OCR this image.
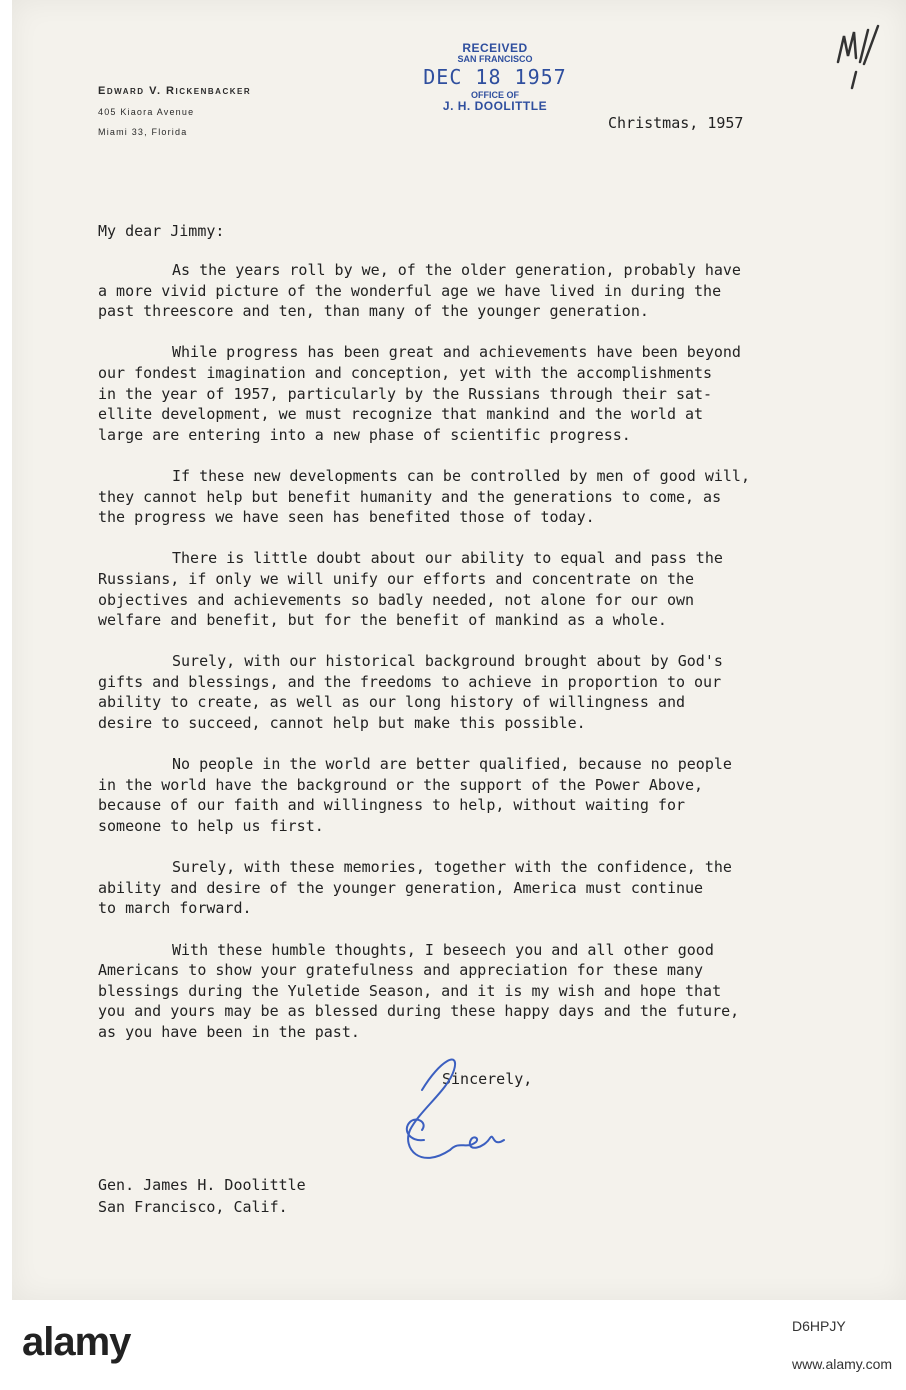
Edward V. Rickenbacker
405 Kiaora Avenue
Miami 33, Florida
RECEIVED
SAN FRANCISCO
DEC 18 1957
OFFICE OF
J. H. DOOLITTLE
Christmas, 1957
My dear Jimmy:

As the years roll by we, of the older generation, probably have
a more vivid picture of the wonderful age we have lived in during the
past threescore and ten, than many of the younger generation.

While progress has been great and achievements have been beyond
our fondest imagination and conception, yet with the accomplishments
in the year of 1957, particularly by the Russians through their sat-
ellite development, we must recognize that mankind and the world at
large are entering into a new phase of scientific progress.

If these new developments can be controlled by men of good will,
they cannot help but benefit humanity and the generations to come, as
the progress we have seen has benefited those of today.

There is little doubt about our ability to equal and pass the
Russians, if only we will unify our efforts and concentrate on the
objectives and achievements so badly needed, not alone for our own
welfare and benefit, but for the benefit of mankind as a whole.

Surely, with our historical background brought about by God's
gifts and blessings, and the freedoms to achieve in proportion to our
ability to create, as well as our long history of willingness and
desire to succeed, cannot help but make this possible.

No people in the world are better qualified, because no people
in the world have the background or the support of the Power Above,
because of our faith and willingness to help, without waiting for
someone to help us first.

Surely, with these memories, together with the confidence, the
ability and desire of the younger generation, America must continue
to march forward.

With these humble thoughts, I beseech you and all other good
Americans to show your gratefulness and appreciation for these many
blessings during the Yuletide Season, and it is my wish and hope that
you and yours may be as blessed during these happy days and the future,
as you have been in the past.

Sincerely,
Gen. James H. Doolittle
San Francisco, Calif.
alamy	D6HPJY
www.alamy.com
